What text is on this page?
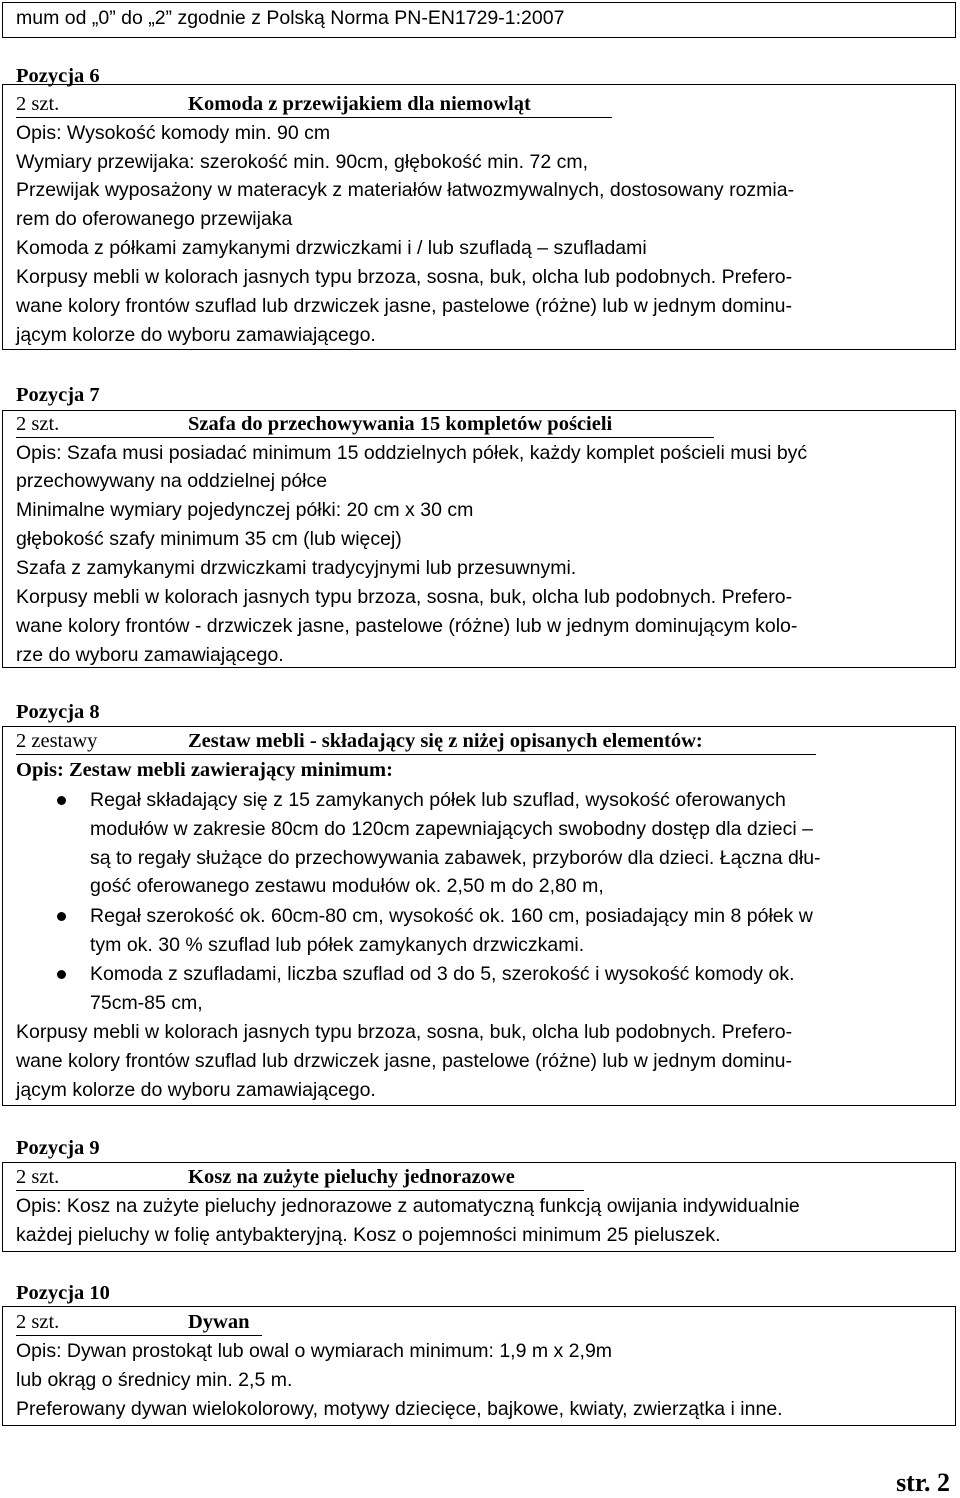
mum od „0” do „2” zgodnie z Polską Norma PN-EN1729-1:2007
Pozycja 6
2 szt.	Komoda z przewijakiem dla niemowląt
Opis: Wysokość komody min. 90 cm
Wymiary przewijaka: szerokość min. 90cm, głębokość min. 72 cm,
Przewijak wyposażony w materacyk z materiałów łatwozmywalnych, dostosowany rozmia-
rem do oferowanego przewijaka
Komoda z półkami zamykanymi drzwiczkami i / lub szufladą – szufladami
Korpusy mebli w kolorach jasnych typu brzoza, sosna, buk, olcha lub podobnych. Prefero-
wane kolory frontów szuflad lub drzwiczek jasne, pastelowe (różne) lub w jednym dominu-
jącym kolorze do wyboru zamawiającego.
Pozycja 7
2 szt.	Szafa do przechowywania 15 kompletów pościeli
Opis: Szafa musi posiadać minimum 15 oddzielnych półek, każdy komplet pościeli musi być
przechowywany na oddzielnej półce
Minimalne wymiary pojedynczej półki: 20 cm x 30 cm
głębokość szafy minimum 35 cm (lub więcej)
Szafa z zamykanymi drzwiczkami tradycyjnymi lub przesuwnymi.
Korpusy mebli w kolorach jasnych typu brzoza, sosna, buk, olcha lub podobnych. Prefero-
wane kolory frontów - drzwiczek jasne, pastelowe (różne) lub w jednym dominującym kolo-
rze do wyboru zamawiającego.
Pozycja 8
2 zestawy	Zestaw mebli - składający się z niżej opisanych elementów:
Opis: Zestaw mebli zawierający minimum:
Regał składający się z 15 zamykanych półek lub szuflad, wysokość oferowanych
modułów w zakresie 80cm do 120cm zapewniających swobodny dostęp dla dzieci –
są to regały służące do przechowywania zabawek, przyborów dla dzieci. Łączna dłu-
gość oferowanego zestawu modułów ok. 2,50 m do 2,80 m,
Regał szerokość ok. 60cm-80 cm, wysokość ok. 160 cm, posiadający min 8 półek w
tym ok. 30 % szuflad lub półek zamykanych drzwiczkami.
Komoda z szufladami, liczba szuflad od 3 do 5, szerokość i wysokość komody ok.
75cm-85 cm,
Korpusy mebli w kolorach jasnych typu brzoza, sosna, buk, olcha lub podobnych. Prefero-
wane kolory frontów szuflad lub drzwiczek jasne, pastelowe (różne) lub w jednym dominu-
jącym kolorze do wyboru zamawiającego.
Pozycja 9
2 szt.	Kosz na zużyte pieluchy jednorazowe
Opis: Kosz na zużyte pieluchy jednorazowe z automatyczną funkcją owijania indywidualnie
każdej pieluchy w folię antybakteryjną. Kosz o pojemności minimum 25 pieluszek.
Pozycja 10
2 szt.	Dywan
Opis: Dywan prostokąt lub owal o wymiarach minimum: 1,9 m x 2,9m
lub okrąg o średnicy min. 2,5 m.
Preferowany dywan wielokolorowy, motywy dziecięce, bajkowe, kwiaty, zwierzątka i inne.
str. 2
